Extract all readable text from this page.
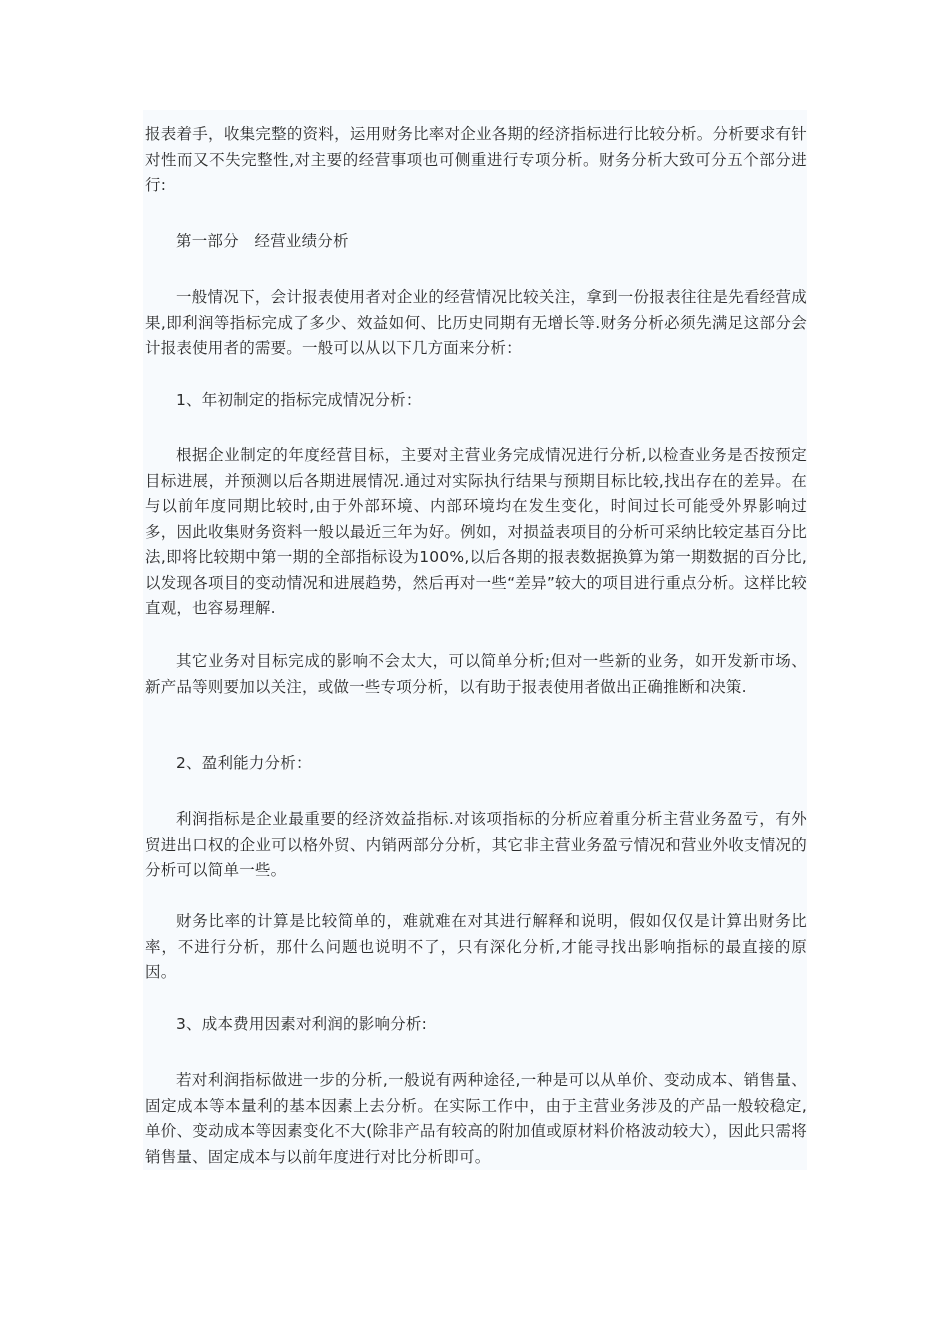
报表着手，收集完整的资料，运用财务比率对企业各期的经济指标进行比较分析。分析要求有针对性而又不失完整性,对主要的经营事项也可侧重进行专项分析。财务分析大致可分五个部分进行:

第一部分　经营业绩分析

一般情况下，会计报表使用者对企业的经营情况比较关注，拿到一份报表往往是先看经营成果,即利润等指标完成了多少、效益如何、比历史同期有无增长等.财务分析必须先满足这部分会计报表使用者的需要。一般可以从以下几方面来分析：

1、年初制定的指标完成情况分析：

根据企业制定的年度经营目标，主要对主营业务完成情况进行分析,以检查业务是否按预定目标进展，并预测以后各期进展情况.通过对实际执行结果与预期目标比较,找出存在的差异。在与以前年度同期比较时,由于外部环境、内部环境均在发生变化，时间过长可能受外界影响过多，因此收集财务资料一般以最近三年为好。例如，对损益表项目的分析可采纳比较定基百分比法,即将比较期中第一期的全部指标设为100%,以后各期的报表数据换算为第一期数据的百分比,以发现各项目的变动情况和进展趋势，然后再对一些“差异”较大的项目进行重点分析。这样比较直观，也容易理解.

其它业务对目标完成的影响不会太大，可以简单分析;但对一些新的业务，如开发新市场、新产品等则要加以关注，或做一些专项分析，以有助于报表使用者做出正确推断和决策.

2、盈利能力分析：

利润指标是企业最重要的经济效益指标.对该项指标的分析应着重分析主营业务盈亏，有外贸进出口权的企业可以格外贸、内销两部分分析，其它非主营业务盈亏情况和营业外收支情况的分析可以简单一些。

财务比率的计算是比较简单的，难就难在对其进行解释和说明，假如仅仅是计算出财务比率，不进行分析，那什么问题也说明不了，只有深化分析,才能寻找出影响指标的最直接的原因。

3、成本费用因素对利润的影响分析:

若对利润指标做进一步的分析,一般说有两种途径,一种是可以从单价、变动成本、销售量、固定成本等本量利的基本因素上去分析。在实际工作中，由于主营业务涉及的产品一般较稳定,单价、变动成本等因素变化不大(除非产品有较高的附加值或原材料价格波动较大），因此只需将销售量、固定成本与以前年度进行对比分析即可。
